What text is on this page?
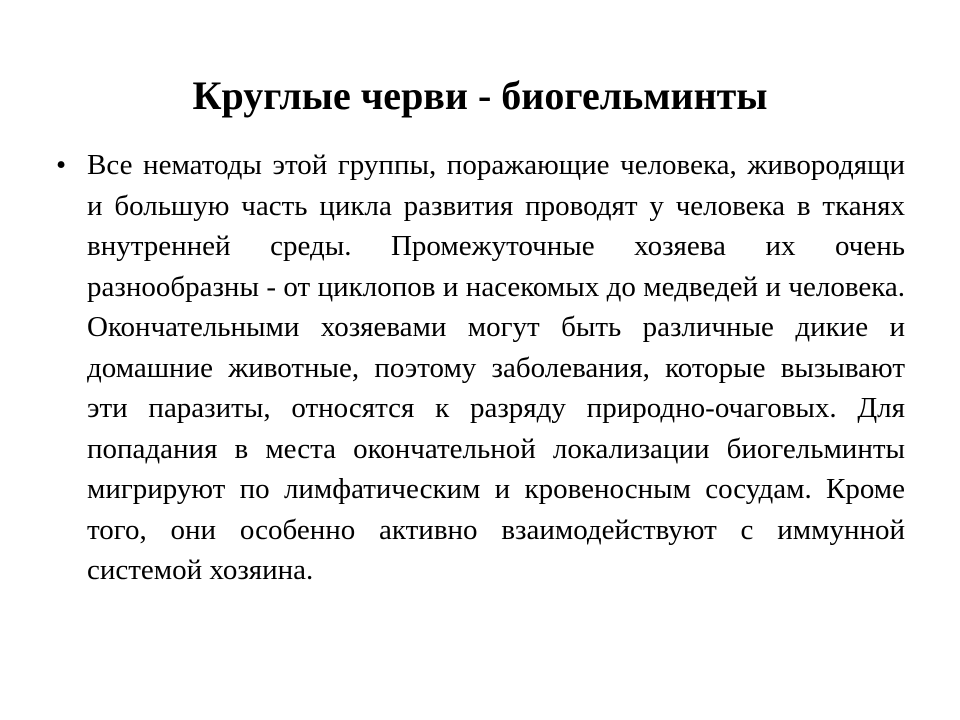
Круглые черви - биогельминты
• Все нематоды этой группы, поражающие человека, живородящи и большую часть цикла развития проводят у человека в тканях внутренней среды. Промежуточные хозяева их очень разнообразны - от циклопов и насекомых до медведей и человека. Окончательными хозяевами могут быть различные дикие и домашние животные, поэтому заболевания, которые вызывают эти паразиты, относятся к разряду природно-очаговых. Для попадания в места окончательной локализации биогельминты мигрируют по лимфатическим и кровеносным сосудам. Кроме того, они особенно активно взаимодействуют с иммунной системой хозяина.
